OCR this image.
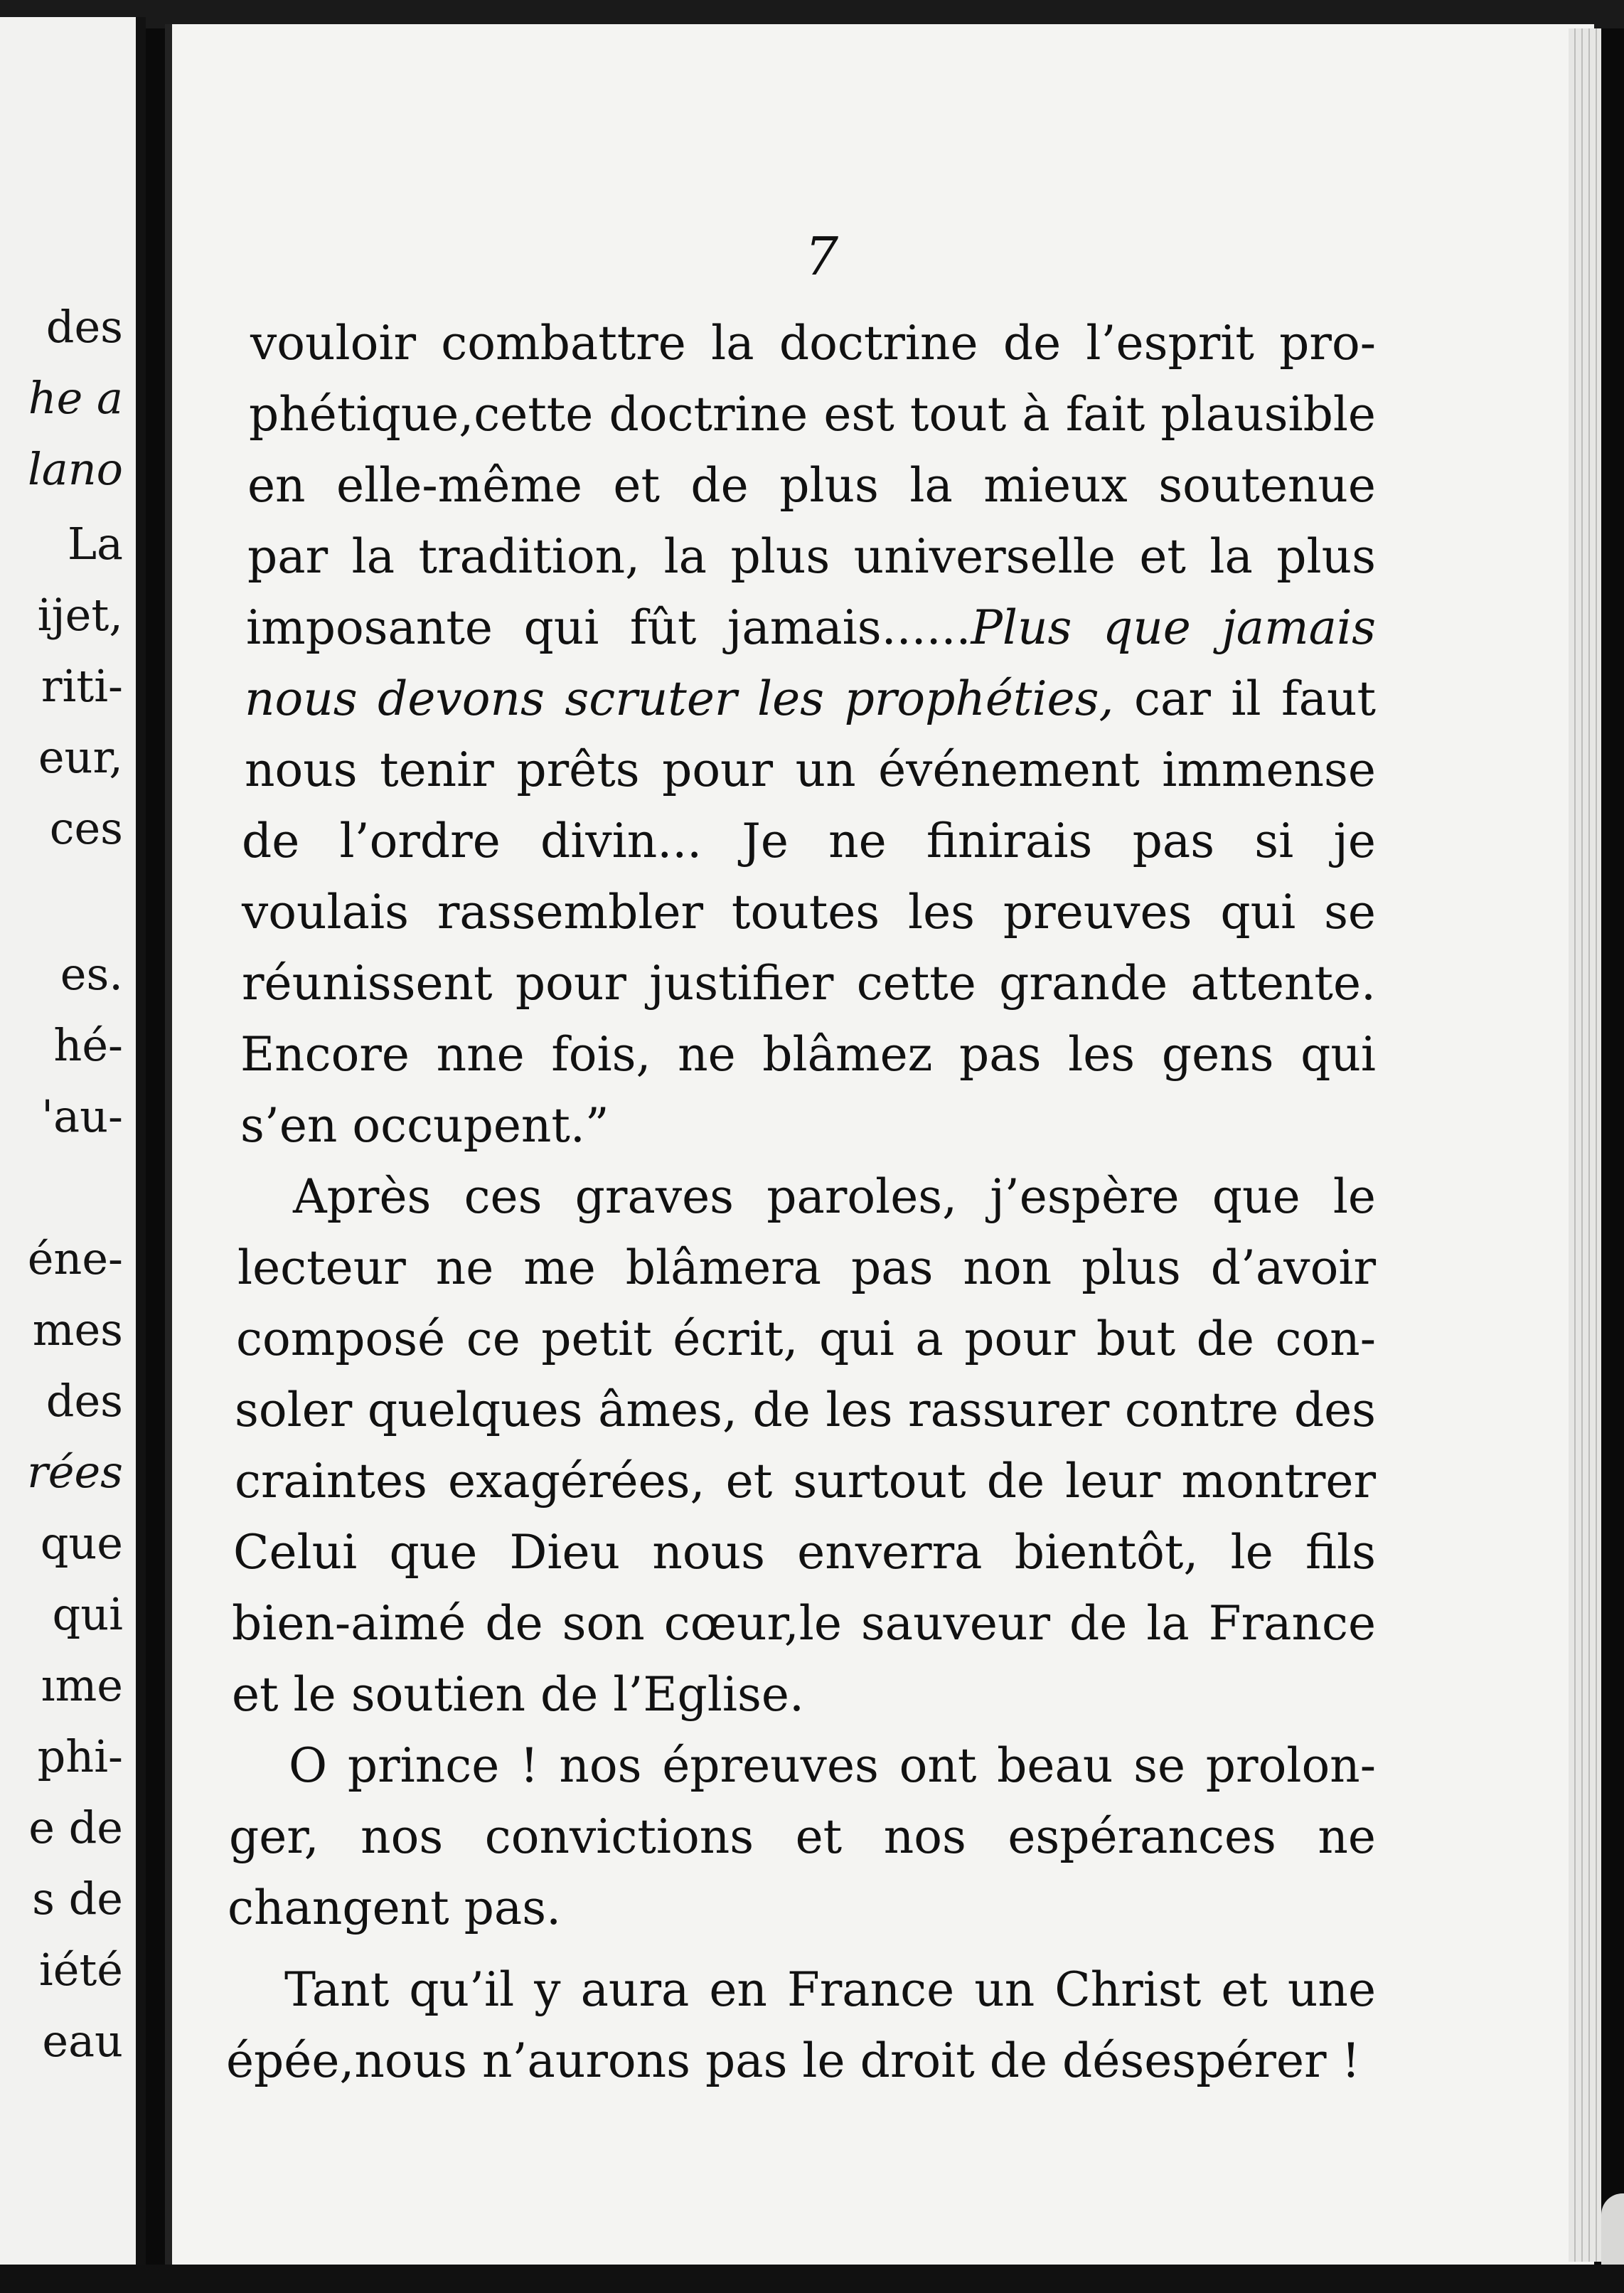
des
he a
lano
La
ijet,
riti-
eur,
ces
es.
hé-
'au-
éne-
mes
des
rées
que
qui
ıme
phi-
e de
s de
iété
eau
7
vouloir combattre la doctrine de l’esprit pro-
phétique,cette doctrine est tout à fait plausible
en elle-même et de plus la mieux soutenue
par la tradition, la plus universelle et la plus
imposante qui fût jamais......Plus que jamais
nous devons scruter les prophéties, car il faut
nous tenir prêts pour un événement immense
de l’ordre divin... Je ne finirais pas si je
voulais rassembler toutes les preuves qui se
réunissent pour justifier cette grande attente.
Encore nne fois, ne blâmez pas les gens qui
s’en occupent.”
Après ces graves paroles, j’espère que le
lecteur ne me blâmera pas non plus d’avoir
composé ce petit écrit, qui a pour but de con-
soler quelques âmes, de les rassurer contre des
craintes exagérées, et surtout de leur montrer
Celui que Dieu nous enverra bientôt, le fils
bien-aimé de son cœur,le sauveur de la France
et le soutien de l’Eglise.
O prince ! nos épreuves ont beau se prolon-
ger, nos convictions et nos espérances ne
changent pas.
Tant qu’il y aura en France un Christ et une
épée,nous n’aurons pas le droit de désespérer !
